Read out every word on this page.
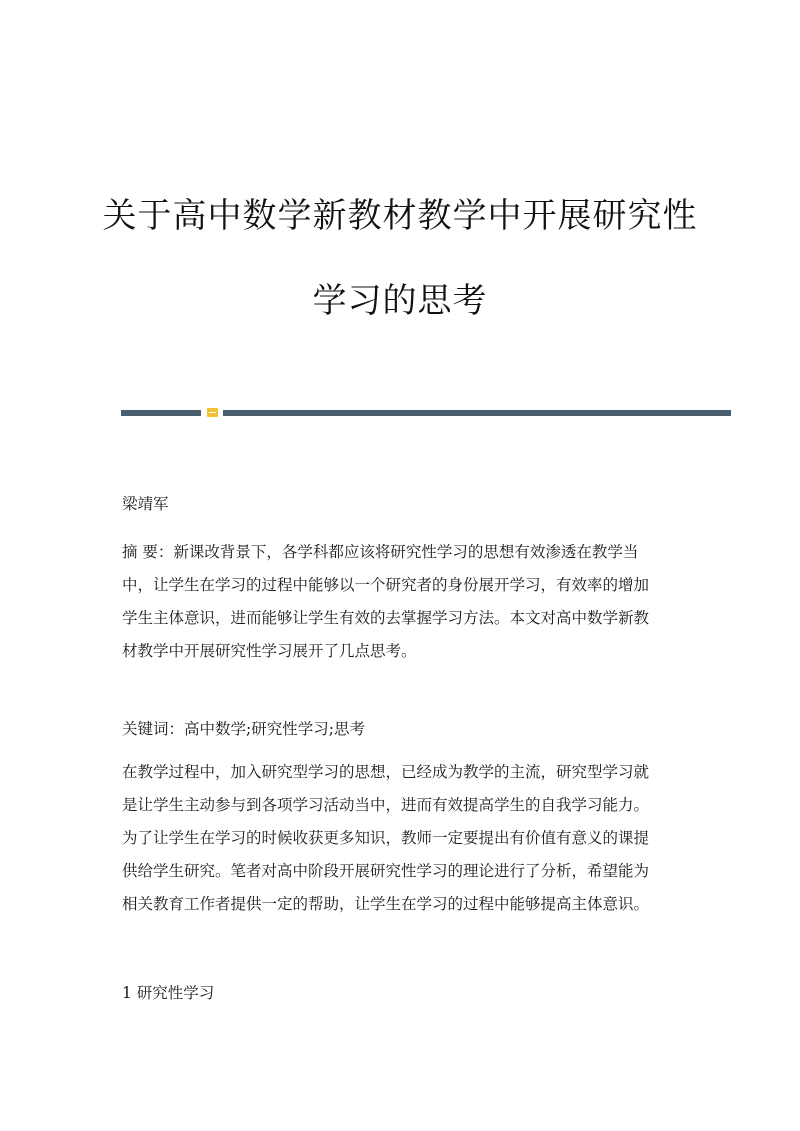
关于高中数学新教材教学中开展研究性
学习的思考
梁靖军
摘 要：新课改背景下，各学科都应该将研究性学习的思想有效渗透在教学当
中，让学生在学习的过程中能够以一个研究者的身份展开学习，有效率的增加
学生主体意识，进而能够让学生有效的去掌握学习方法。本文对高中数学新教
材教学中开展研究性学习展开了几点思考。
关键词：高中数学;研究性学习;思考
在教学过程中，加入研究型学习的思想，已经成为教学的主流，研究型学习就
是让学生主动参与到各项学习活动当中，进而有效提高学生的自我学习能力。
为了让学生在学习的时候收获更多知识，教师一定要提出有价值有意义的课提
供给学生研究。笔者对高中阶段开展研究性学习的理论进行了分析，希望能为
相关教育工作者提供一定的帮助，让学生在学习的过程中能够提高主体意识。
1 研究性学习
